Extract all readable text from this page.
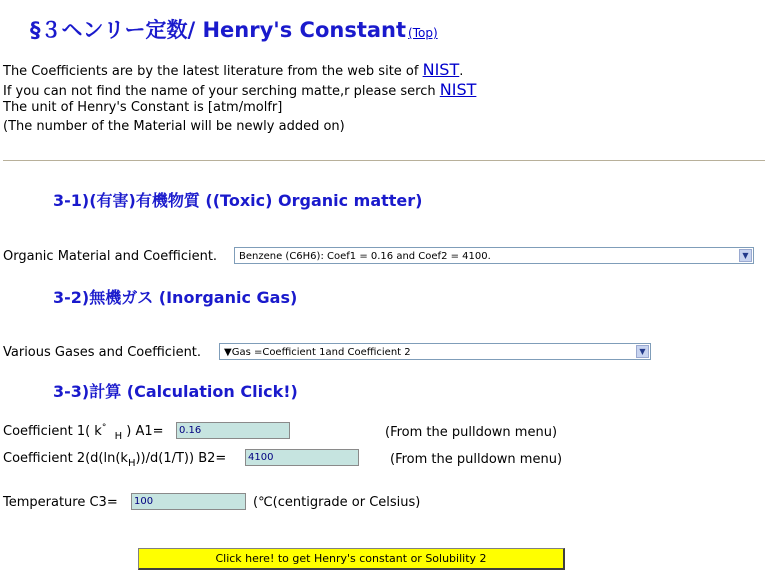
§３ヘンリー定数/ Henry's Constant (Top)
The Coefficients are by the latest literature from the web site of NIST.
If you can not find the name of your serching matte,r please serch NIST
The unit of Henry's Constant is [atm/molfr]
(The number of the Material will be newly added on)
3-1)(有害)有機物質 ((Toxic) Organic matter)
Organic Material and Coefficient.	Benzene (C6H6): Coef1 = 0.16 and Coef2 = 4100.	▼
3-2)無機ガス (Inorganic Gas)
Various Gases and Coefficient.	▼Gas =Coefficient 1and Coefficient 2	▼
3-3)計算 (Calculation Click!)
Coefficient 1( k°  $_H$ ) A1=	0.16	(From the pulldown menu)
Coefficient $2(d(\ln(k_H))/d(1/T))$ B2=	4100	(From the pulldown menu)
Temperature C3=	100	(℃(centigrade or Celsius)
Click here! to get Henry's constant or Solubility 2
